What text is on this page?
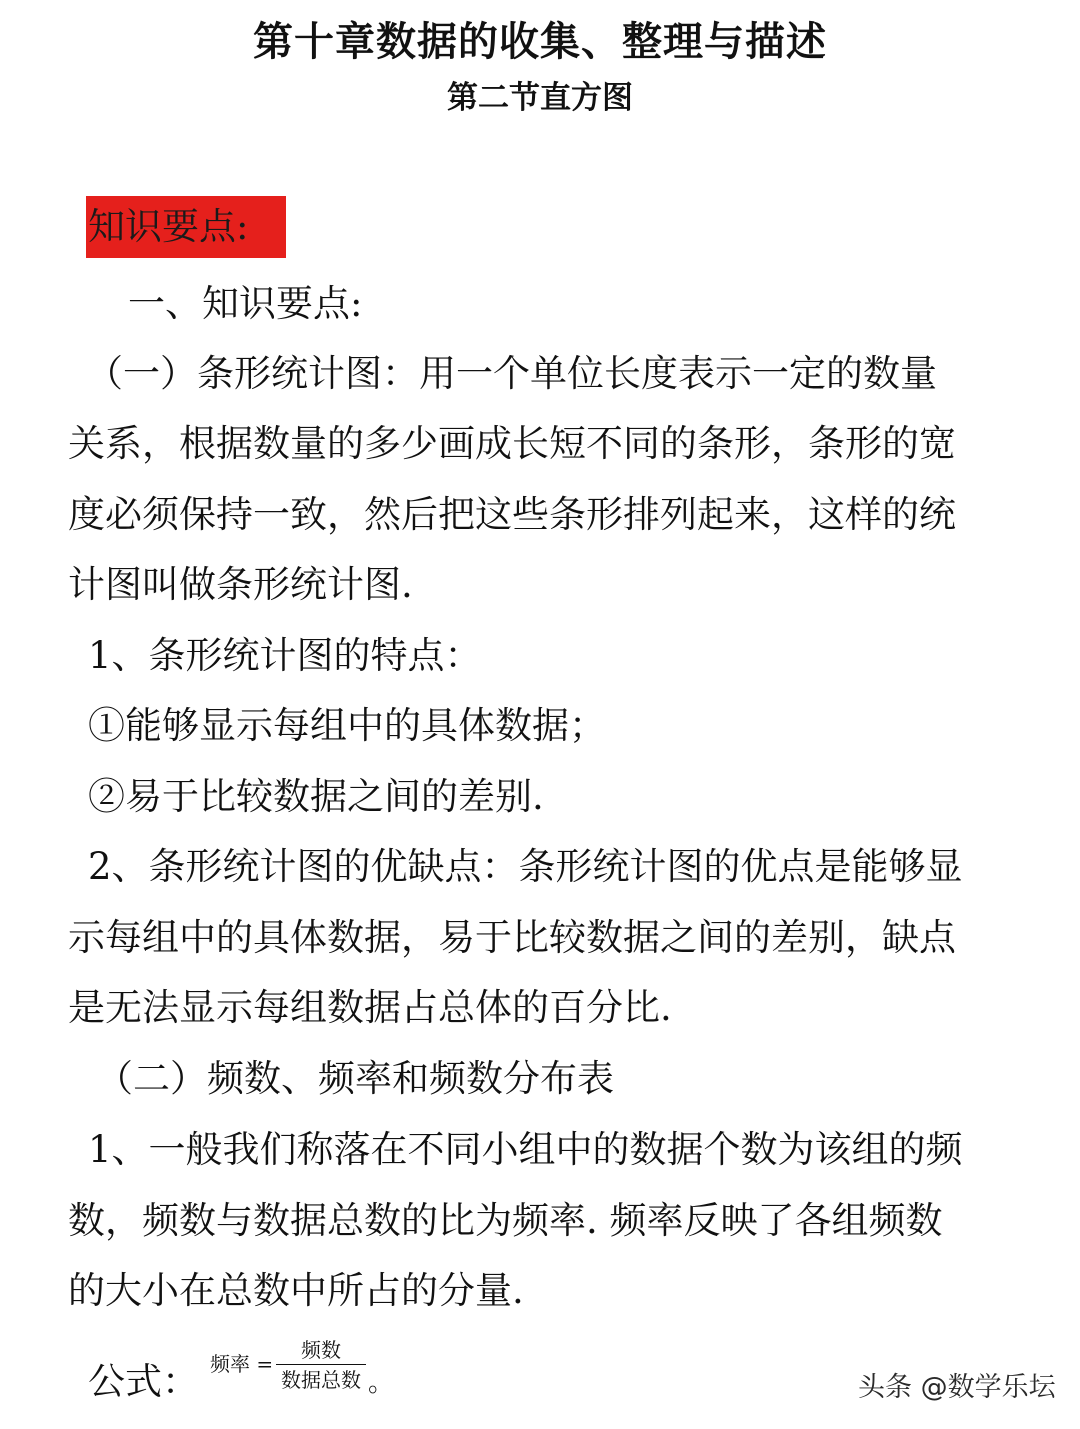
第十章数据的收集、整理与描述
第二节直方图
知识要点:
一、知识要点:
（一）条形统计图：用一个单位长度表示一定的数量
关系，根据数量的多少画成长短不同的条形，条形的宽
度必须保持一致，然后把这些条形排列起来，这样的统
计图叫做条形统计图.
1、条形统计图的特点：
①能够显示每组中的具体数据；
②易于比较数据之间的差别.
2、条形统计图的优缺点：条形统计图的优点是能够显
示每组中的具体数据，易于比较数据之间的差别，缺点
是无法显示每组数据占总体的百分比.
（二）频数、频率和频数分布表
1、一般我们称落在不同小组中的数据个数为该组的频
数，频数与数据总数的比为频率. 频率反映了各组频数
的大小在总数中所占的分量.
公式： 频率 =
频数
数据总数 。	头条 @数学乐坛
